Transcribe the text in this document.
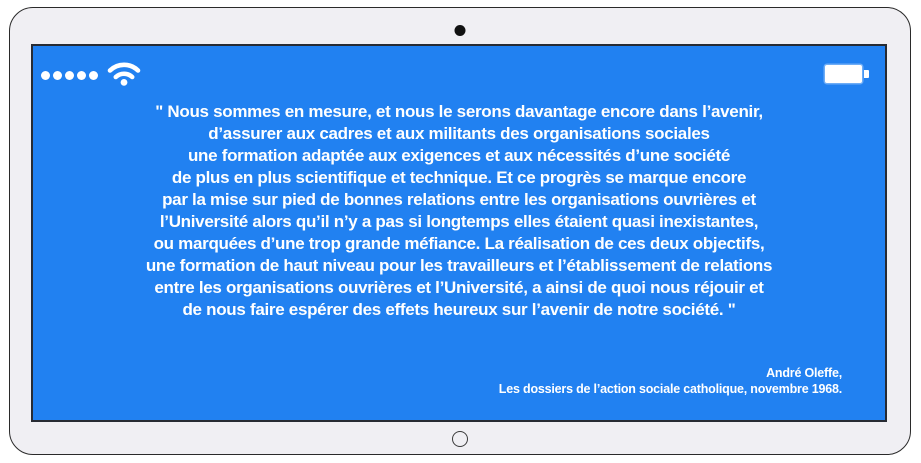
" Nous sommes en mesure, et nous le serons davantage encore dans l’avenir,
d’assurer aux cadres et aux militants des organisations sociales
une formation adaptée aux exigences et aux nécessités d’une société
de plus en plus scientifique et technique. Et ce progrès se marque encore
par la mise sur pied de bonnes relations entre les organisations ouvrières et
l’Université alors qu’il n’y a pas si longtemps elles étaient quasi inexistantes,
ou marquées d’une trop grande méfiance. La réalisation de ces deux objectifs,
une formation de haut niveau pour les travailleurs et l’établissement de relations
entre les organisations ouvrières et l’Université, a ainsi de quoi nous réjouir et
de nous faire espérer des effets heureux sur l’avenir de notre société. "
André Oleffe,
Les dossiers de l’action sociale catholique, novembre 1968.
